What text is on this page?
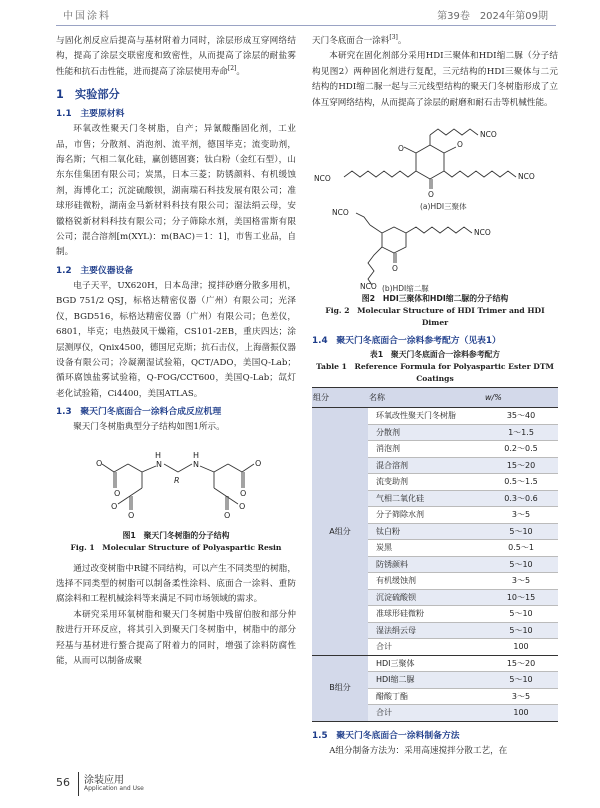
中国涂料	第39卷　2024年第09期

与固化剂反应后提高与基材附着力同时，涂层形成互穿网络结构，提高了涂层交联密度和致密性，从而提高了涂层的耐盐雾性能和抗石击性能，进而提高了涂层使用寿命[2]。

1　实验部分
1.1　主要原材料

环氧改性聚天门冬树脂，自产；异氰酸酯固化剂，工业品，市售；分散剂、消泡剂、流平剂，德国毕克；流变助剂，海名斯；气相二氧化硅，赢创德固赛；钛白粉（金红石型），山东东佳集团有限公司；炭黑，日本三菱；防锈颜料、有机缓蚀剂，海博化工；沉淀硫酸钡，湖南瑞石科技发展有限公司；准球形硅微粉，湖南金马新材料科技有限公司；湿法绢云母，安徽格锐新材料科技有限公司；分子筛除水剂，美国格雷斯有限公司；混合溶剂[m(XYL)：m(BAC)＝1：1]，市售工业品，自制。

1.2　主要仪器设备

电子天平，UX620H，日本岛津；搅拌砂磨分散多用机，BGD 751/2 QSJ，标格达精密仪器（广州）有限公司；光泽仪，BGD516，标格达精密仪器（广州）有限公司；色差仪，6801，毕克；电热鼓风干燥箱，CS101-2EB，重庆四达；涂层测厚仪，Qnix4500，德国尼克斯；抗石击仪，上海凿振仪器设备有限公司；冷凝潮湿试验箱，QCT/ADO，美国Q-Lab；循环腐蚀盐雾试验箱，Q-FOG/CCT600，美国Q-Lab；氙灯老化试验箱，Ci4400，美国ATLAS。

1.3　聚天门冬底面合一涂料合成反应机理

聚天门冬树脂典型分子结构如图1所示。

O
O
O
O
N
H
R
N
H
O
O
O
O
图1　聚天门冬树脂的分子结构
Fig. 1　Molecular Structure of Polyaspartic Resin

通过改变树脂中R键不同结构，可以产生不同类型的树脂，选择不同类型的树脂可以制备柔性涂料、底面合一涂料、重防腐涂料和工程机械涂料等来满足不同市场领域的需求。

本研究采用环氧树脂和聚天门冬树脂中残留伯胺和部分仲胺进行开环反应，将其引入到聚天门冬树脂中，树脂中的部分羟基与基材进行螯合提高了附着力的同时，增强了涂料防腐性能，从而可以制备成聚

天门冬底面合一涂料[3]。

本研究在固化剂部分采用HDI三聚体和HDI缩二脲（分子结构见图2）两种固化剂进行复配，三元结构的HDI三聚体与二元结构的HDI缩二脲一起与三元线型结构的聚天门冬树脂形成了立体互穿网络结构，从而提高了涂层的耐磨和耐石击等机械性能。

NCO
NCO	NCO
O	O
O
NCO
NCO
NCO
O
(a)HDI三聚体
(b)HDI缩二脲
图2　HDI三聚体和HDI缩二脲的分子结构
Fig. 2　Molecular Structure of HDI Trimer and HDI Dimer
1.4　聚天门冬底面合一涂料参考配方（见表1）
表1　聚天门冬底面合一涂料参考配方
Table 1　Reference Formula for Polyaspartic Ester DTM Coatings
组分	名称	w/%
A组分	环氧改性聚天门冬树脂	35～40
	分散剂	1～1.5
	消泡剂	0.2～0.5
	混合溶剂	15～20
	流变助剂	0.5～1.5
	气相二氧化硅	0.3～0.6
	分子筛除水剂	3～5
	钛白粉	5～10
	炭黑	0.5～1
	防锈颜料	5～10
	有机缓蚀剂	3～5
	沉淀硫酸钡	10～15
	准球形硅微粉	5～10
	湿法绢云母	5～10
	合计	100
B组分	HDI三聚体	15～20
	HDI缩二脲	5～10
	醋酸丁酯	3～5
	合计	100
1.5　聚天门冬底面合一涂料制备方法

A组分制备方法为：采用高速搅拌分散工艺，在

56 涂装应用
Application and Use
